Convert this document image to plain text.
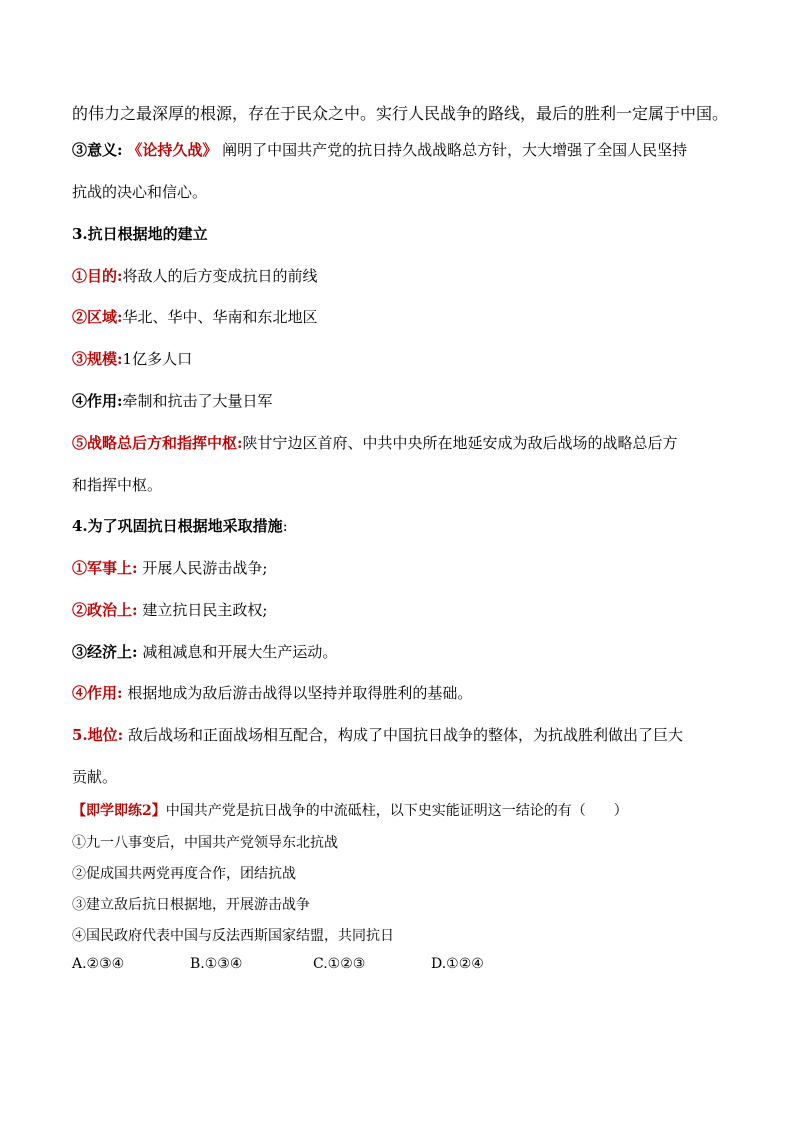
的伟力之最深厚的根源，存在于民众之中。实行人民战争的路线，最后的胜利一定属于中国。
③意义: 《论持久战》 阐明了中国共产党的抗日持久战战略总方针，大大增强了全国人民坚持
抗战的决心和信心。
3.抗日根据地的建立
①目的:将敌人的后方变成抗日的前线
②区域:华北、华中、华南和东北地区
③规模:1亿多人口
④作用:牵制和抗击了大量日军
⑤战略总后方和指挥中枢:陕甘宁边区首府、中共中央所在地延安成为敌后战场的战略总后方
和指挥中枢。
4.为了巩固抗日根据地采取措施:
①军事上: 开展人民游击战争;
②政治上: 建立抗日民主政权;
③经济上: 减租减息和开展大生产运动。
④作用: 根据地成为敌后游击战得以坚持并取得胜利的基础。
5.地位: 敌后战场和正面战场相互配合，构成了中国抗日战争的整体，为抗战胜利做出了巨大
贡献。
【即学即练2】中国共产党是抗日战争的中流砥柱，以下史实能证明这一结论的有（　　）
①九一八事变后，中国共产党领导东北抗战
②促成国共两党再度合作，团结抗战
③建立敌后抗日根据地，开展游击战争
④国民政府代表中国与反法西斯国家结盟，共同抗日
A.②③④	B.①③④	C.①②③	D.①②④
